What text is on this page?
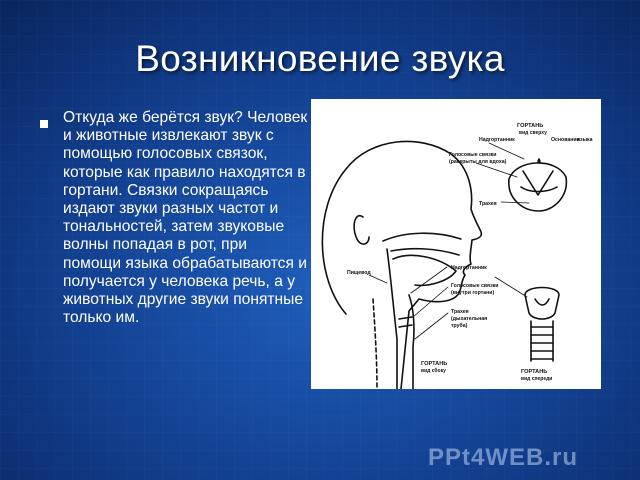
Возникновение звука

Откуда же берётся звук? Человек и животные извлекают звук с помощью голосовых связок, которые как правило находятся в гортани. Связки сокращаясь издают звуки разных частот и тональностей, затем звуковые волны попадая в рот, при помощи языка обрабатываются и получается у человека речь, а у животных другие звуки понятные только им.

ГОРТАНЬ
вид сверху
Надгортанник	Основание
языка
Голосовые связки
(раскрыты для вдоха)
Трахея
Пищевод
Надгортанник
Голосовые связки
(внутри гортани)
Трахея
(дыхательная
труба)
ГОРТАНЬ
вид сбоку	ГОРТАНЬ
вид спереди
PPt4WEB.ru
